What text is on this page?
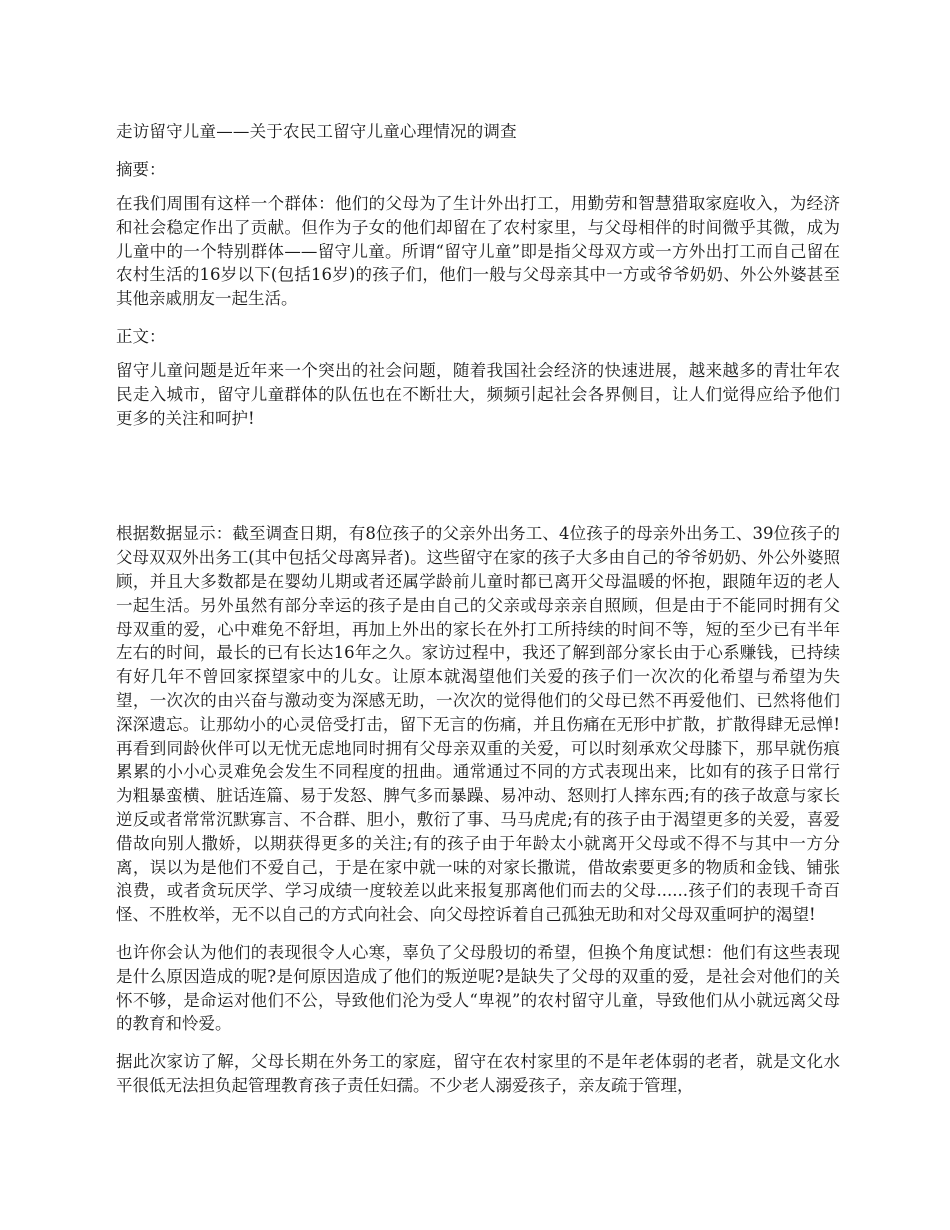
走访留守儿童——关于农民工留守儿童心理情况的调查
摘要：

在我们周围有这样一个群体：他们的父母为了生计外出打工，用勤劳和智慧猎取家庭收入，为经济和社会稳定作出了贡献。但作为子女的他们却留在了农村家里，与父母相伴的时间微乎其微，成为儿童中的一个特别群体——留守儿童。所谓“留守儿童”即是指父母双方或一方外出打工而自己留在农村生活的16岁以下(包括16岁)的孩子们，他们一般与父母亲其中一方或爷爷奶奶、外公外婆甚至其他亲戚朋友一起生活。

正文：

留守儿童问题是近年来一个突出的社会问题，随着我国社会经济的快速进展，越来越多的青壮年农民走入城市，留守儿童群体的队伍也在不断壮大，频频引起社会各界侧目，让人们觉得应给予他们更多的关注和呵护!

根据数据显示：截至调查日期，有8位孩子的父亲外出务工、4位孩子的母亲外出务工、39位孩子的父母双双外出务工(其中包括父母离异者)。这些留守在家的孩子大多由自己的爷爷奶奶、外公外婆照顾，并且大多数都是在婴幼儿期或者还属学龄前儿童时都已离开父母温暖的怀抱，跟随年迈的老人一起生活。另外虽然有部分幸运的孩子是由自己的父亲或母亲亲自照顾，但是由于不能同时拥有父母双重的爱，心中难免不舒坦，再加上外出的家长在外打工所持续的时间不等，短的至少已有半年左右的时间，最长的已有长达16年之久。家访过程中，我还了解到部分家长由于心系赚钱，已持续有好几年不曾回家探望家中的儿女。让原本就渴望他们关爱的孩子们一次次的化希望与希望为失望，一次次的由兴奋与激动变为深感无助，一次次的觉得他们的父母已然不再爱他们、已然将他们深深遗忘。让那幼小的心灵倍受打击，留下无言的伤痛，并且伤痛在无形中扩散，扩散得肆无忌惮!再看到同龄伙伴可以无忧无虑地同时拥有父母亲双重的关爱，可以时刻承欢父母膝下，那早就伤痕累累的小小心灵难免会发生不同程度的扭曲。通常通过不同的方式表现出来，比如有的孩子日常行为粗暴蛮横、脏话连篇、易于发怒、脾气多而暴躁、易冲动、怒则打人摔东西;有的孩子故意与家长逆反或者常常沉默寡言、不合群、胆小，敷衍了事、马马虎虎;有的孩子由于渴望更多的关爱，喜爱借故向别人撒娇，以期获得更多的关注;有的孩子由于年龄太小就离开父母或不得不与其中一方分离，误以为是他们不爱自己，于是在家中就一味的对家长撒谎，借故索要更多的物质和金钱、铺张浪费，或者贪玩厌学、学习成绩一度较差以此来报复那离他们而去的父母......孩子们的表现千奇百怪、不胜枚举，无不以自己的方式向社会、向父母控诉着自己孤独无助和对父母双重呵护的渴望!

也许你会认为他们的表现很令人心寒，辜负了父母殷切的希望，但换个角度试想：他们有这些表现是什么原因造成的呢?是何原因造成了他们的叛逆呢?是缺失了父母的双重的爱，是社会对他们的关怀不够，是命运对他们不公，导致他们沦为受人“卑视”的农村留守儿童，导致他们从小就远离父母的教育和怜爱。

据此次家访了解，父母长期在外务工的家庭，留守在农村家里的不是年老体弱的老者，就是文化水平很低无法担负起管理教育孩子责任妇孺。不少老人溺爱孩子，亲友疏于管理，
